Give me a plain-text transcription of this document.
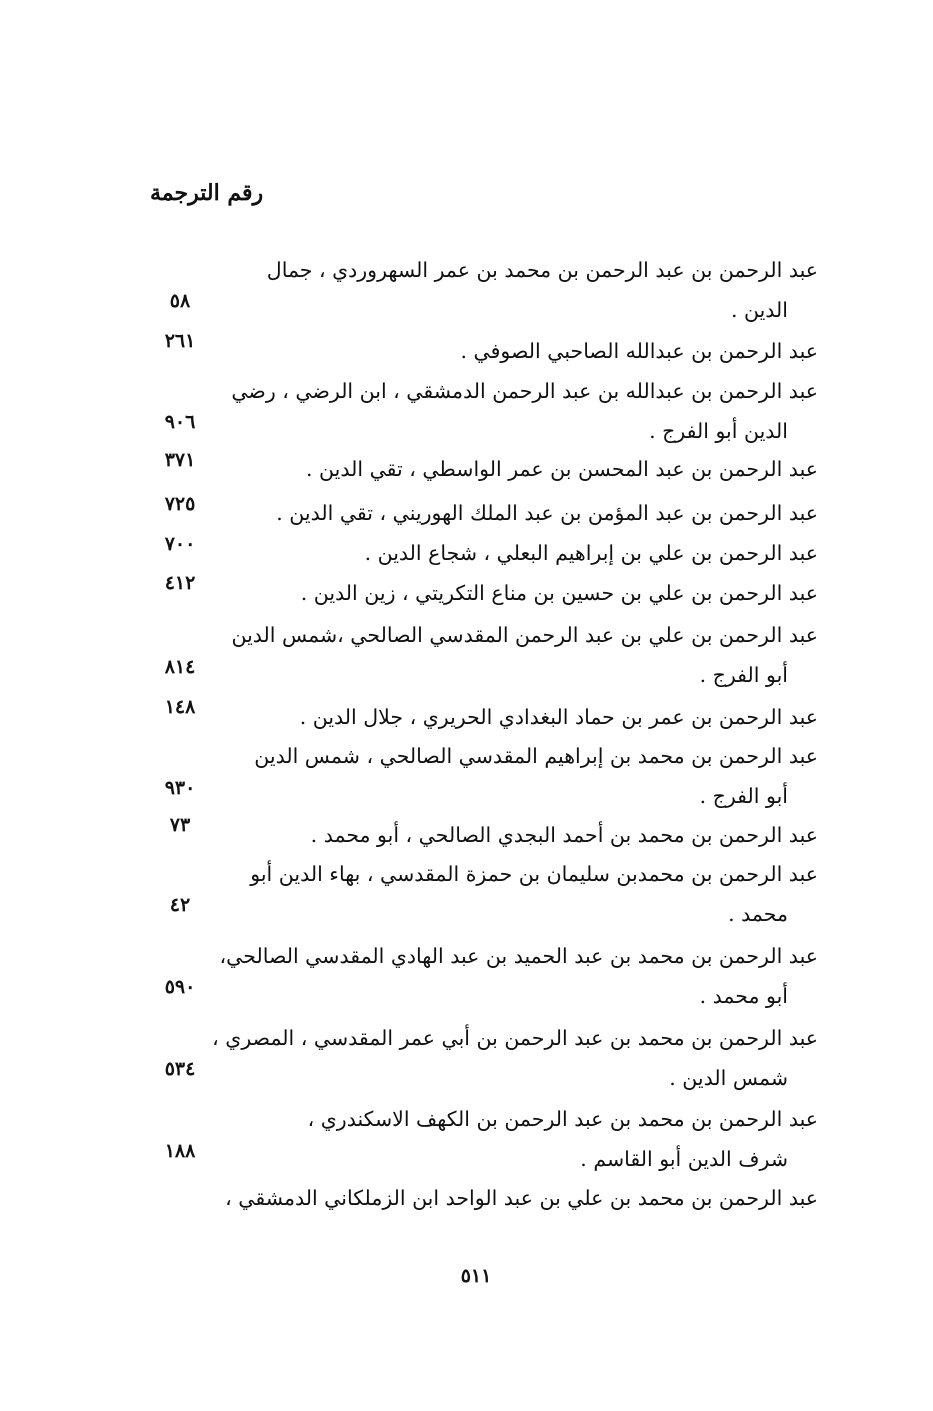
رقم الترجمة
عبد الرحمن بن عبد الرحمن بن محمد بن عمر السهروردي ، جمال
الدين .
٥٨
عبد الرحمن بن عبدالله الصاحبي الصوفي .
٢٦١
عبد الرحمن بن عبدالله بن عبد الرحمن الدمشقي ، ابن الرضي ، رضي
الدين أبو الفرج .
٩٠٦
عبد الرحمن بن عبد المحسن بن عمر الواسطي ، تقي الدين .
٣٧١
عبد الرحمن بن عبد المؤمن بن عبد الملك الهوريني ، تقي الدين .
٧٢٥
عبد الرحمن بن علي بن إبراهيم البعلي ، شجاع الدين .
٧٠٠
عبد الرحمن بن علي بن حسين بن مناع التكريتي ، زين الدين .
٤١٢
عبد الرحمن بن علي بن عبد الرحمن المقدسي الصالحي ،شمس الدين
أبو الفرج .
٨١٤
عبد الرحمن بن عمر بن حماد البغدادي الحريري ، جلال الدين .
١٤٨
عبد الرحمن بن محمد بن إبراهيم المقدسي الصالحي ، شمس الدين
أبو الفرج .
٩٣٠
عبد الرحمن بن محمد بن أحمد البجدي الصالحي ، أبو محمد .
٧٣
عبد الرحمن بن محمدبن سليمان بن حمزة المقدسي ، بهاء الدين أبو
محمد .
٤٢
عبد الرحمن بن محمد بن عبد الحميد بن عبد الهادي المقدسي الصالحي،
أبو محمد .
٥٩٠
عبد الرحمن بن محمد بن عبد الرحمن بن أبي عمر المقدسي ، المصري ،
شمس الدين .
٥٣٤
عبد الرحمن بن محمد بن عبد الرحمن بن الكهف الاسكندري ،
شرف الدين أبو القاسم .
١٨٨
عبد الرحمن بن محمد بن علي بن عبد الواحد ابن الزملكاني الدمشقي ،
٥١١
